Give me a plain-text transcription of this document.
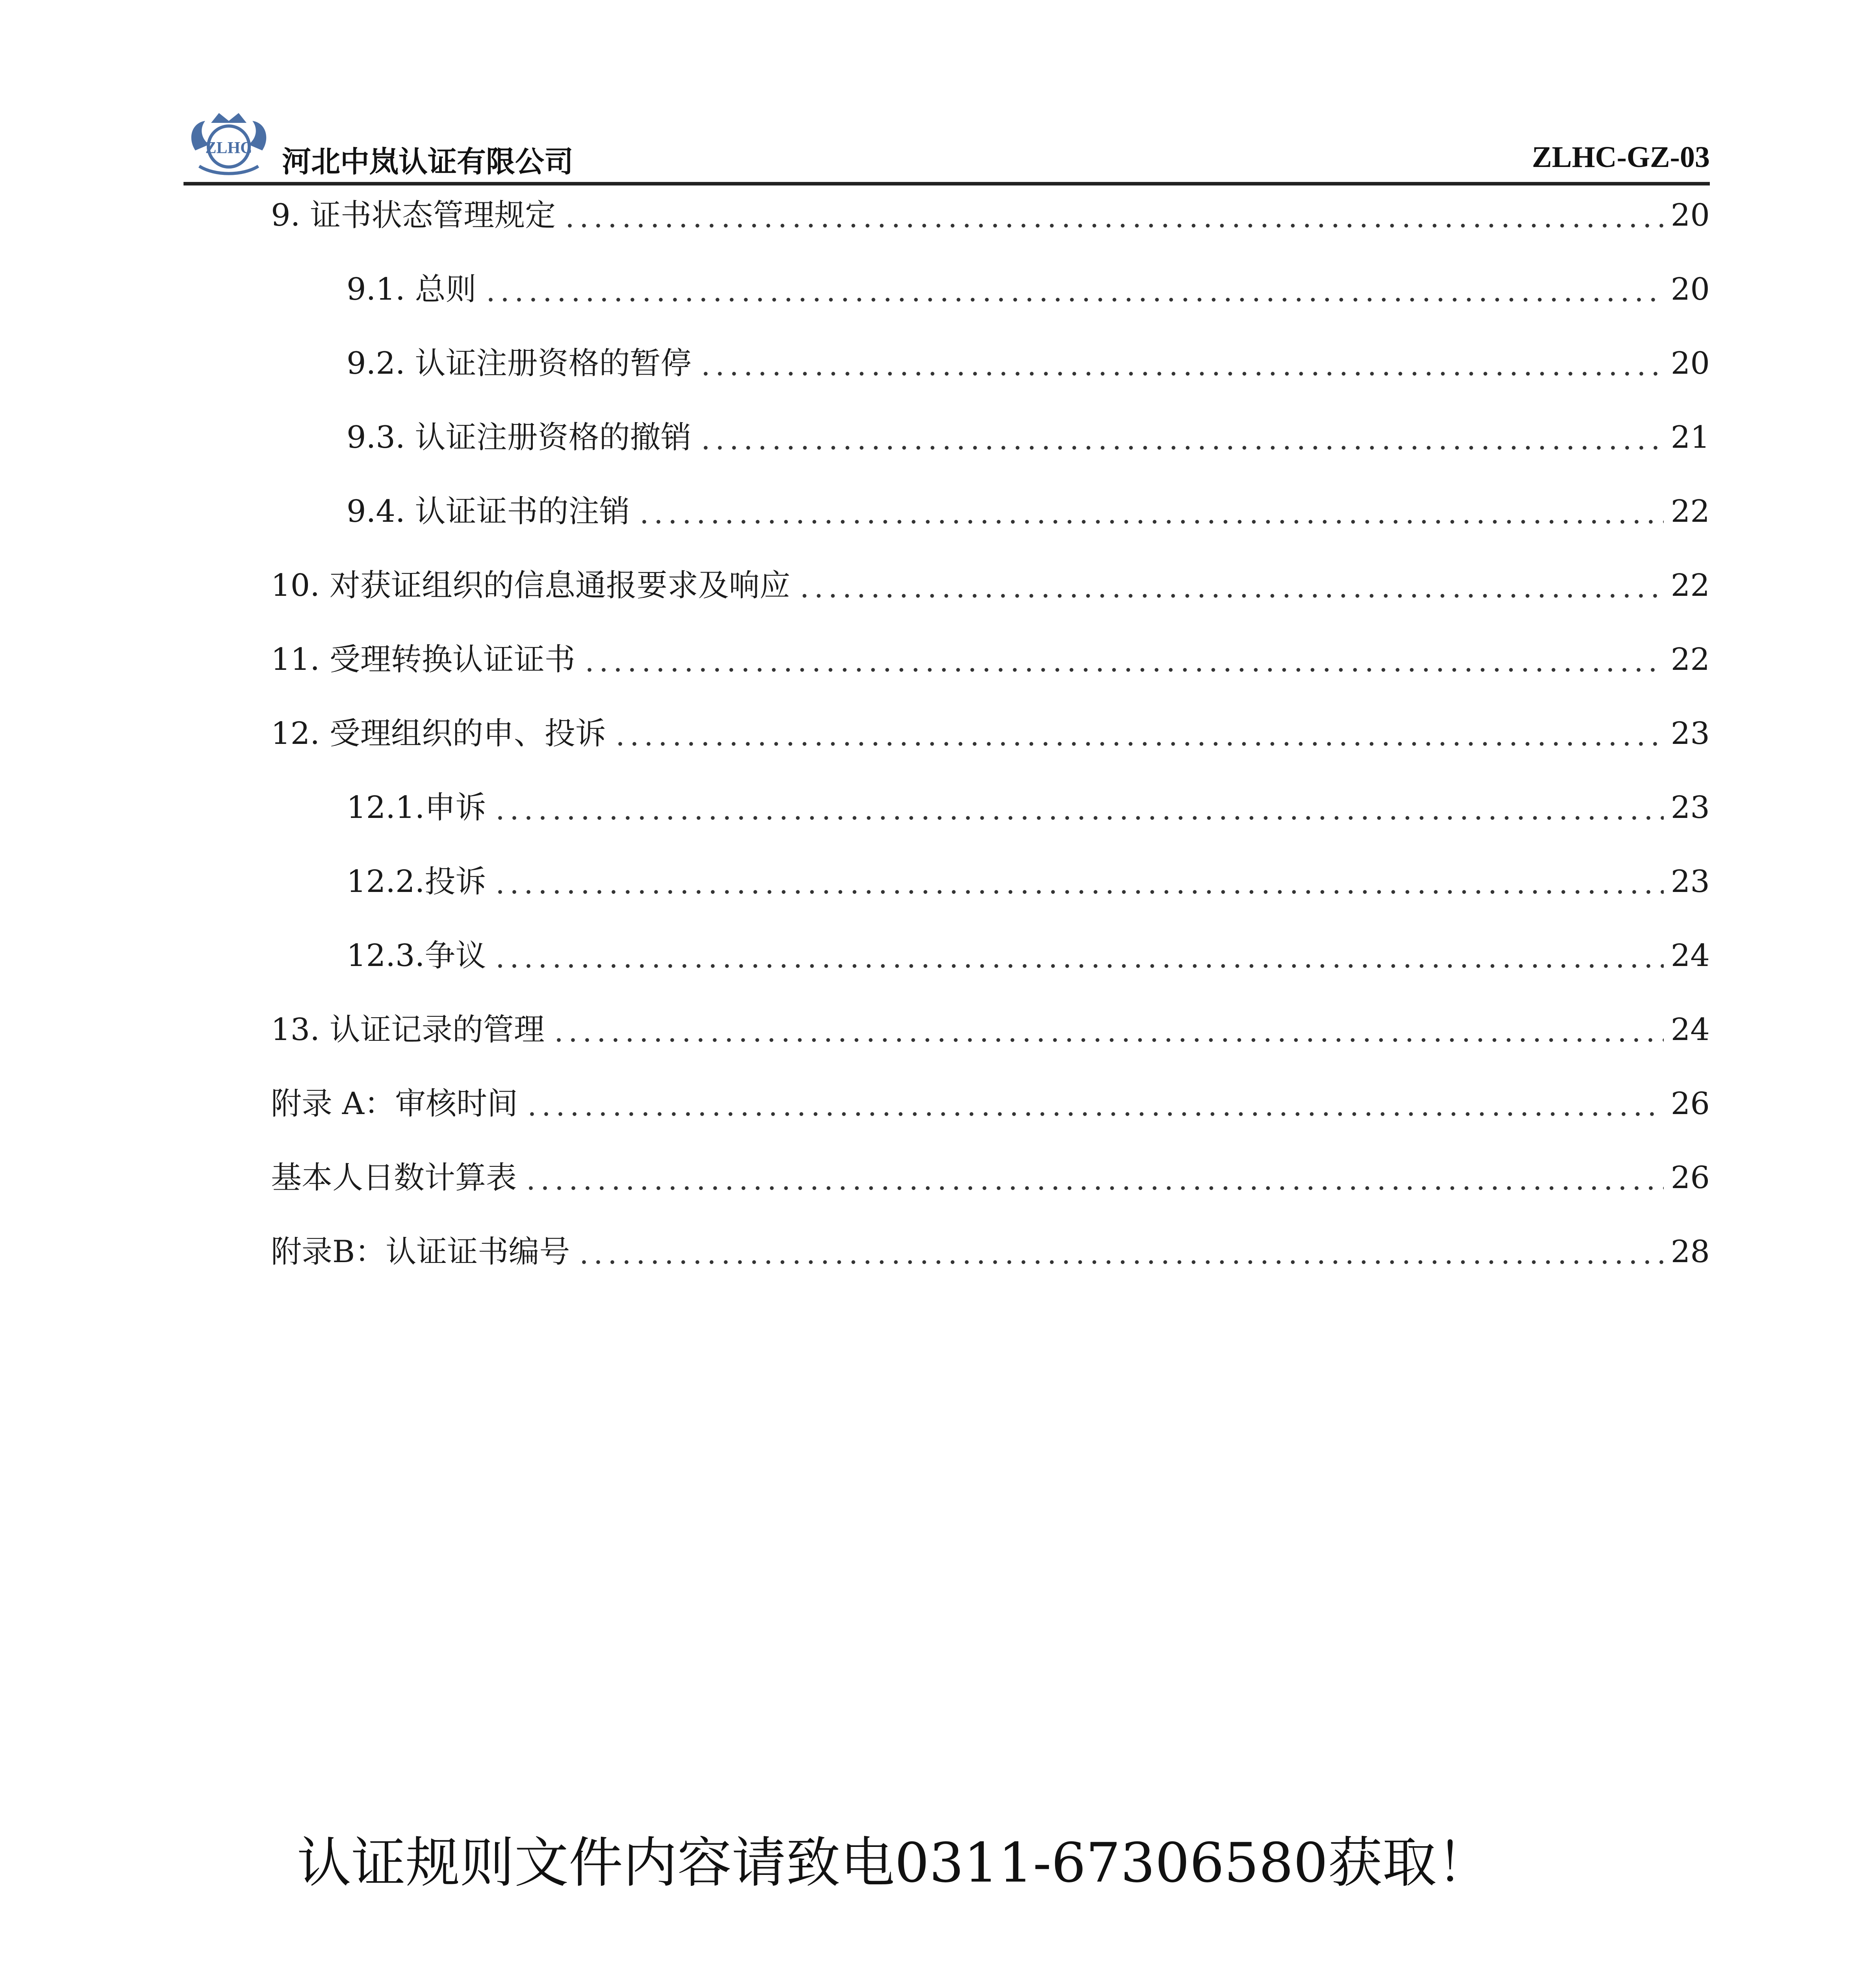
ZLHC 河北中岚认证有限公司	ZLHC-GZ-03
9. 证书状态管理规定	20
9.1. 总则	20
9.2. 认证注册资格的暂停	20
9.3. 认证注册资格的撤销	21
9.4. 认证证书的注销	22
10. 对获证组织的信息通报要求及响应	22
11. 受理转换认证证书	22
12. 受理组织的申、投诉	23
12.1.申诉	23
12.2.投诉	23
12.3.争议	24
13. 认证记录的管理	24
附录 A：审核时间	26
基本人日数计算表	26
附录B：认证证书编号	28
认证规则文件内容请致电0311-67306580获取！
